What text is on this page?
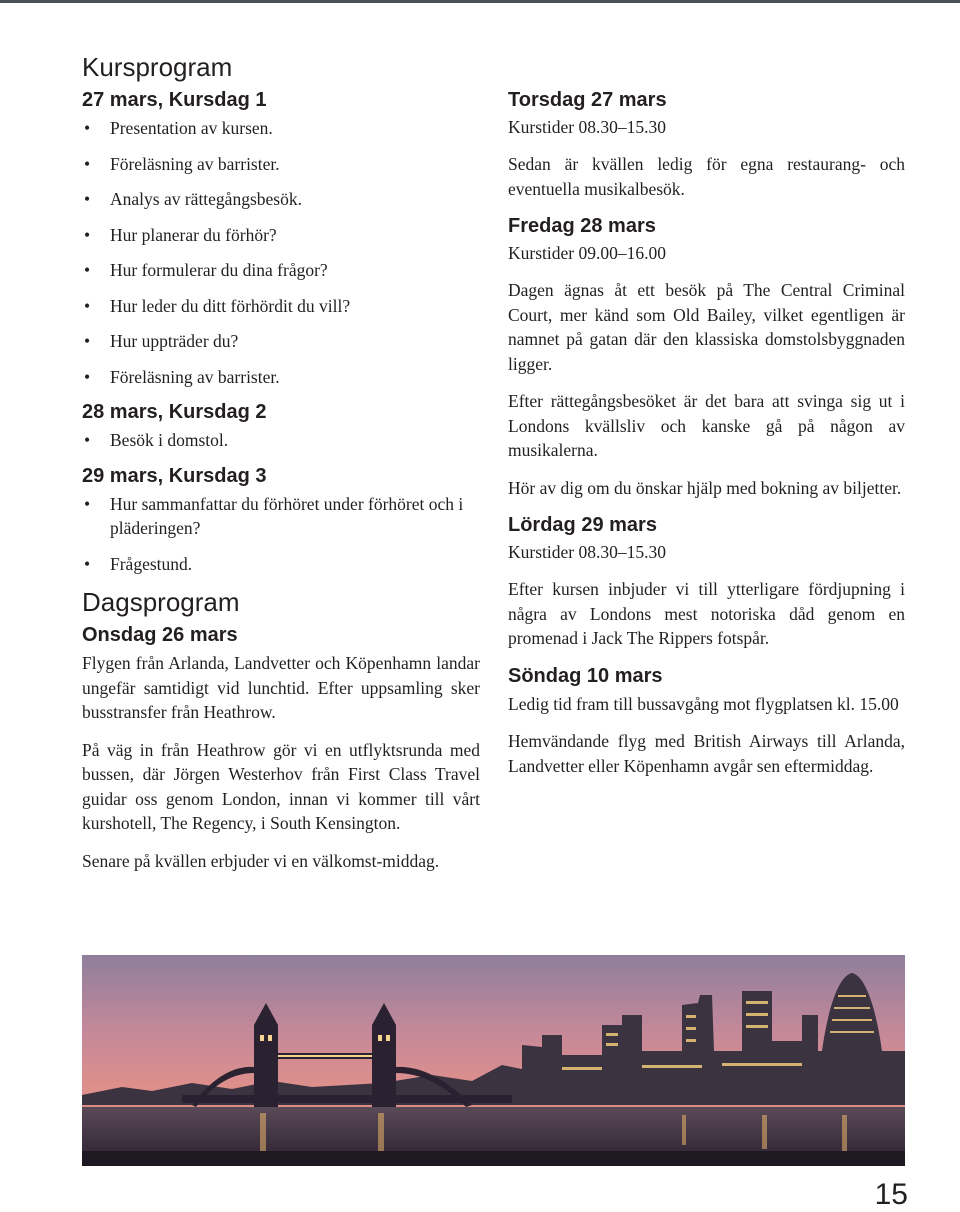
Kursprogram
27 mars, Kursdag 1
• Presentation av kursen.
• Föreläsning av barrister.
• Analys av rättegångsbesök.
• Hur planerar du förhör?
• Hur formulerar du dina frågor?
• Hur leder du ditt förhördit du vill?
• Hur uppträder du?
• Föreläsning av barrister.
28 mars, Kursdag 2
• Besök i domstol.
29 mars, Kursdag 3
• Hur sammanfattar du förhöret under förhöret och i pläderingen?
• Frågestund.
Dagsprogram
Onsdag 26 mars

Flygen från Arlanda, Landvetter och Köpenhamn landar ungefär samtidigt vid lunchtid. Efter uppsamling sker busstransfer från Heathrow.

På väg in från Heathrow gör vi en utflyktsrunda med bussen, där Jörgen Westerhov från First Class Travel guidar oss genom London, innan vi kommer till vårt kurshotell, The Regency, i South Kensington.

Senare på kvällen erbjuder vi en välkomst-middag.

Torsdag 27 mars
Kurstider 08.30–15.30

Sedan är kvällen ledig för egna restaurang- och eventuella musikalbesök.

Fredag 28 mars
Kurstider 09.00–16.00

Dagen ägnas åt ett besök på The Central Criminal Court, mer känd som Old Bailey, vilket egentligen är namnet på gatan där den klassiska domstolsbyggnaden ligger.

Efter rättegångsbesöket är det bara att svinga sig ut i Londons kvällsliv och kanske gå på någon av musikalerna.

Hör av dig om du önskar hjälp med bokning av biljetter.

Lördag 29 mars
Kurstider 08.30–15.30

Efter kursen inbjuder vi till ytterligare fördjupning i några av Londons mest notoriska dåd genom en promenad i Jack The Rippers fotspår.

Söndag 10 mars

Ledig tid fram till bussavgång mot flygplatsen kl. 15.00

Hemvändande flyg med British Airways till Arlanda, Landvetter eller Köpenhamn avgår sen eftermiddag.

15
